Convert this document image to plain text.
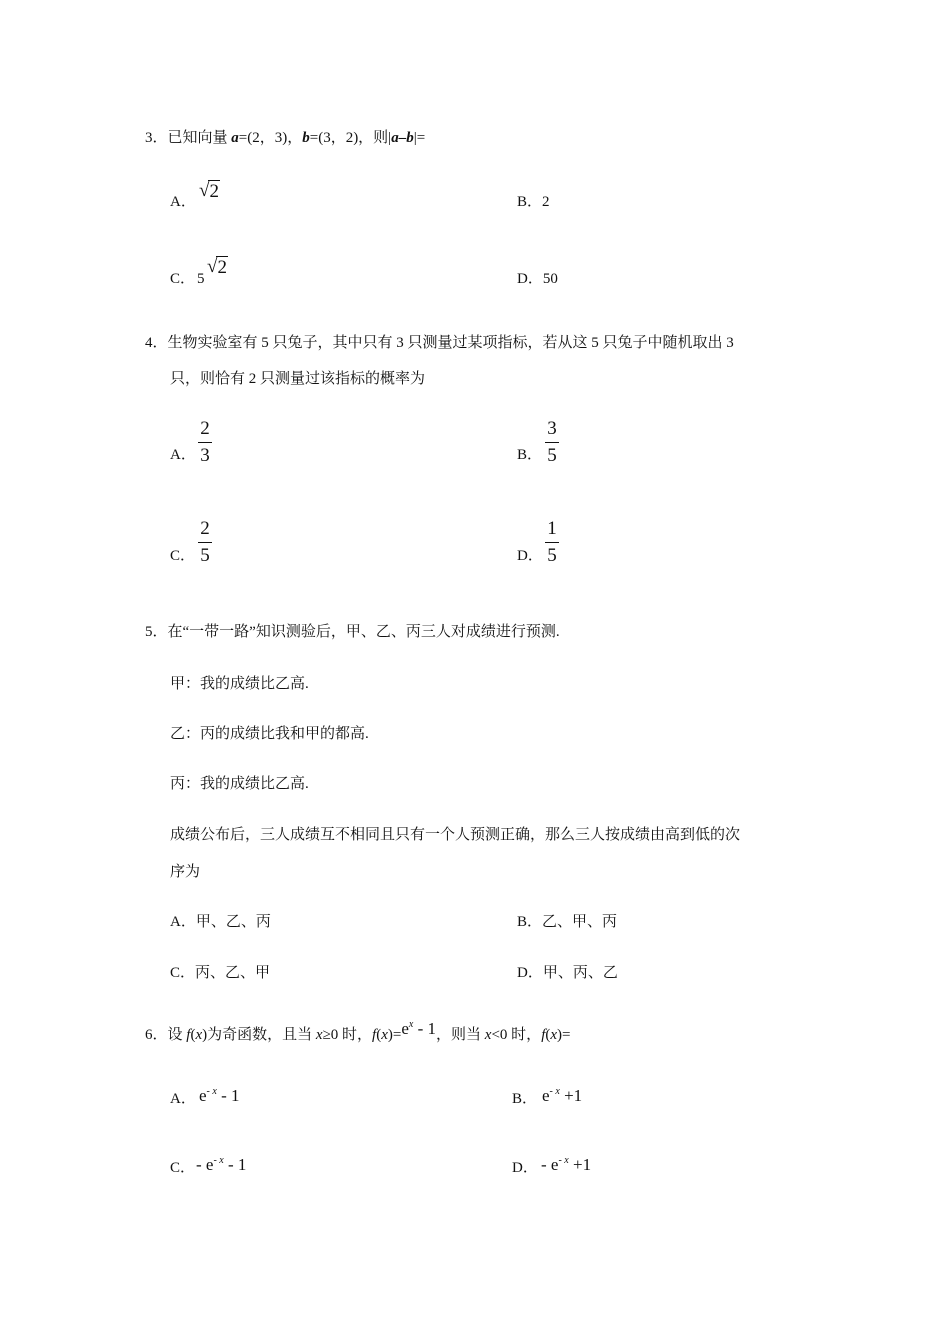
3．已知向量 a=(2，3)，b=(3，2)，则|a–b|=
A．
√2	B．2
C． 5
√2
D．50
4．生物实验室有 5 只兔子，其中只有 3 只测量过某项指标，若从这 5 只兔子中随机取出 3
只，则恰有 2 只测量过该指标的概率为
A．
2
3	B．
3
5
C．
2
5	D．
1
5
5．在“一带一路”知识测验后，甲、乙、丙三人对成绩进行预测.
甲：我的成绩比乙高.
乙：丙的成绩比我和甲的都高.
丙：我的成绩比乙高.
成绩公布后，三人成绩互不相同且只有一个人预测正确，那么三人按成绩由高到低的次
序为
A．甲、乙、丙	B．乙、甲、丙
C．丙、乙、甲	D．甲、丙、乙
6．设 f(x)为奇函数，且当 x≥0 时，$f(x)=e^x - 1$，则当 x<0 时，f(x)=
A． $e^{- x} - 1$	B． $e^{- x} +1$
C． - $e^{- x} - 1$	D． - $e^{- x} +1$
